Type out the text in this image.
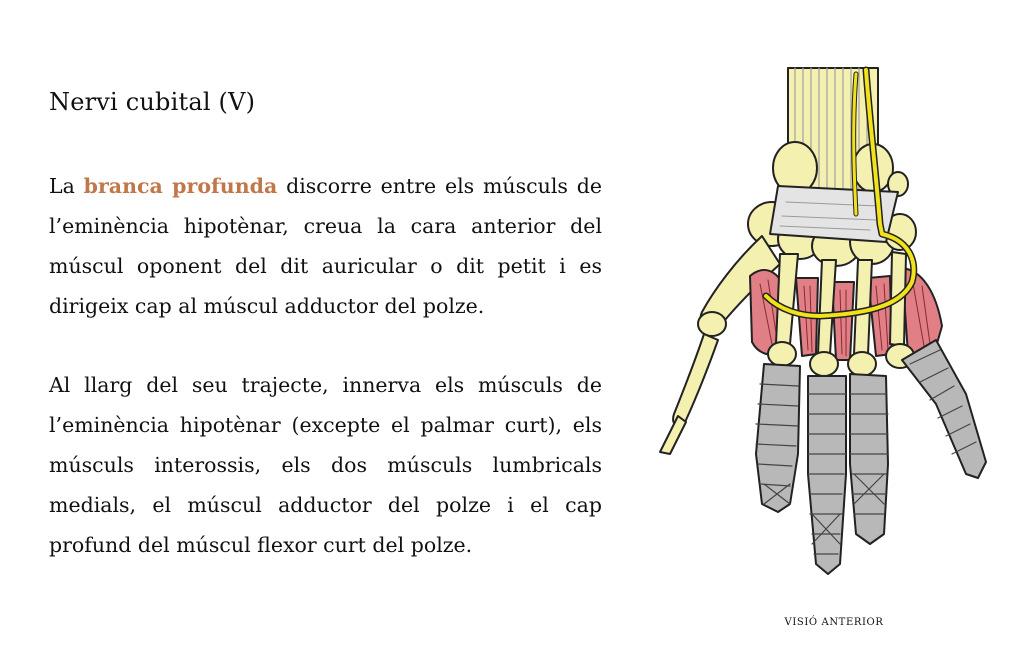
Nervi cubital (V)

La branca profunda discorre entre els músculs de l’eminència hipotènar, creua la cara anterior del múscul oponent del dit auricular o dit petit i es dirigeix cap al múscul adductor del polze.

Al llarg del seu trajecte, innerva els músculs de l’eminència hipotènar (excepte el palmar curt), els músculs interossis, els dos músculs lumbricals medials, el múscul adductor del polze i el cap profund del múscul flexor curt del polze.

VISIÓ ANTERIOR
